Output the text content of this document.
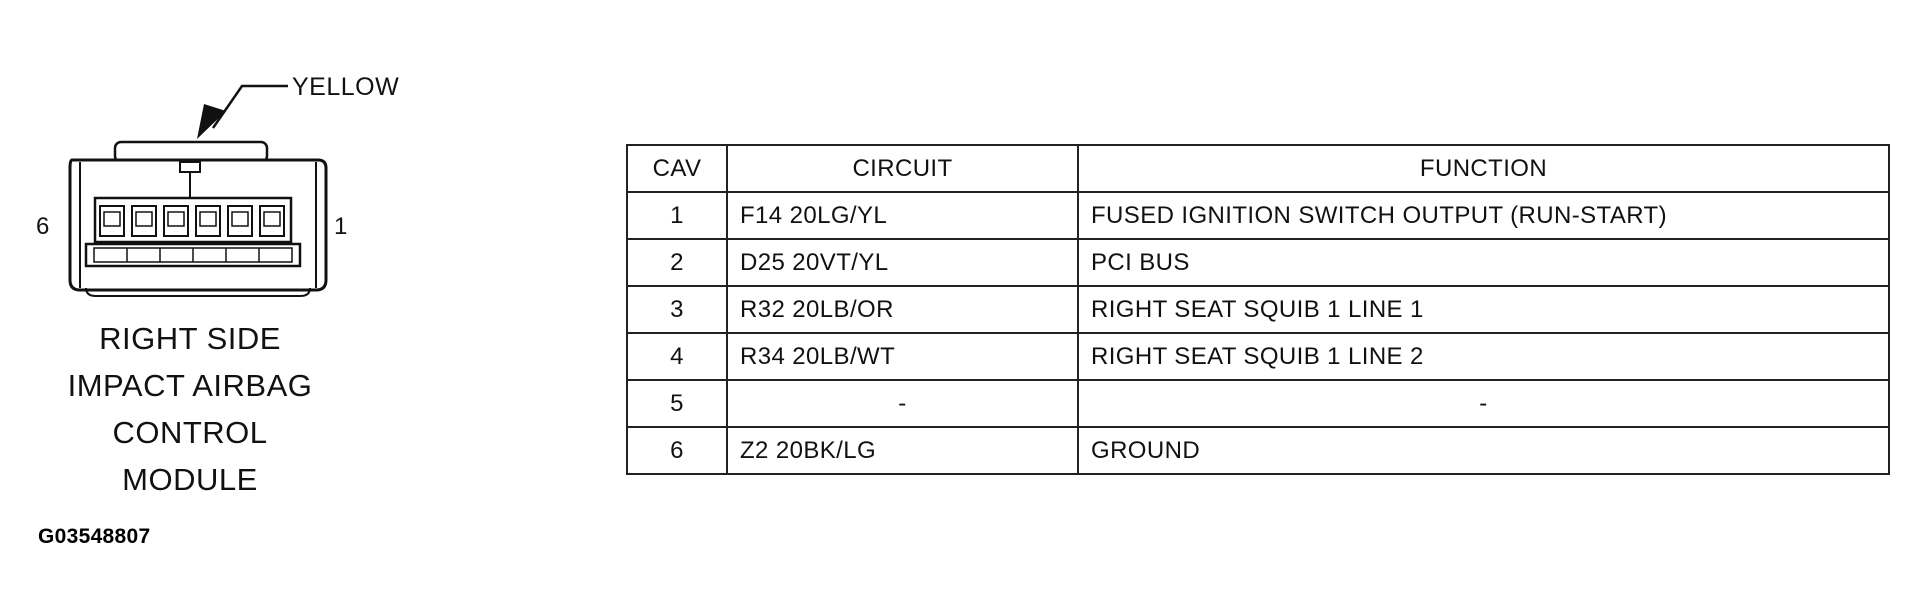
YELLOW
6	1
RIGHT SIDE
IMPACT AIRBAG
CONTROL
MODULE
G03548807
CAV	CIRCUIT	FUNCTION
1	F14 20LG/YL	FUSED IGNITION SWITCH OUTPUT (RUN-START)
2	D25 20VT/YL	PCI BUS
3	R32 20LB/OR	RIGHT SEAT SQUIB 1 LINE 1
4	R34 20LB/WT	RIGHT SEAT SQUIB 1 LINE 2
5	-	-
6	Z2 20BK/LG	GROUND
